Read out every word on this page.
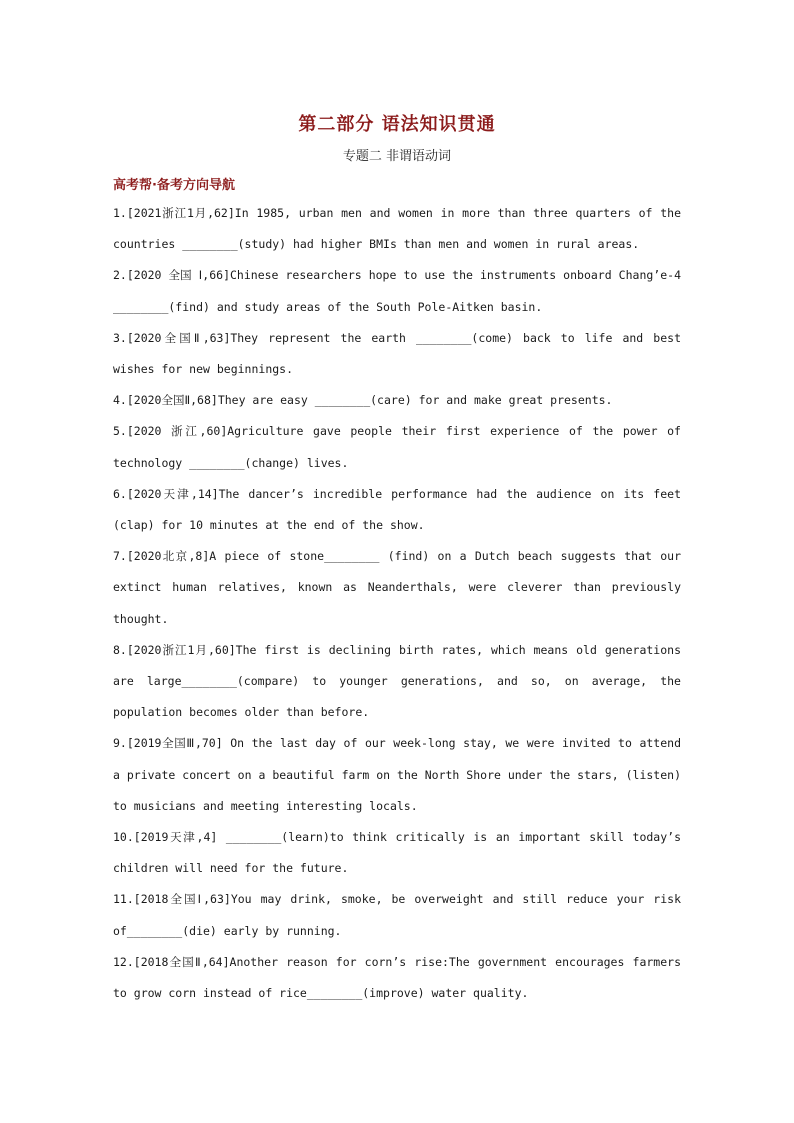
第二部分 语法知识贯通
专题二 非谓语动词
高考帮·备考方向导航

1.[2021浙江1月,62]In 1985, urban men and women in more than three quarters of the countries ________(study) had higher BMIs than men and women in rural areas.

2.[2020 全国 Ⅰ,66]Chinese researchers hope to use the instruments onboard Chang’e-4 ________(find) and study areas of the South Pole-Aitken basin.

3.[2020全国Ⅱ,63]They represent the earth ________(come) back to life and best wishes for new beginnings.

4.[2020全国Ⅱ,68]They are easy ________(care) for and make great presents.

5.[2020 浙江,60]Agriculture gave people their first experience of the power of technology ________(change) lives.

6.[2020天津,14]The dancer’s incredible performance had the audience on its feet (clap) for 10 minutes at the end of the show.

7.[2020北京,8]A piece of stone________ (find) on a Dutch beach suggests that our extinct human relatives, known as Neanderthals, were cleverer than previously thought.

8.[2020浙江1月,60]The first is declining birth rates, which means old generations are large________(compare) to younger generations, and so, on average, the population becomes older than before.

9.[2019全国Ⅲ,70] On the last day of our week-long stay, we were invited to attend a private concert on a beautiful farm on the North Shore under the stars, (listen) to musicians and meeting interesting locals.

10.[2019天津,4] ________(learn)to think critically is an important skill today’s children will need for the future.

11.[2018全国Ⅰ,63]You may drink, smoke, be overweight and still reduce your risk of________(die) early by running.

12.[2018全国Ⅱ,64]Another reason for corn’s rise:The government encourages farmers to grow corn instead of rice________(improve) water quality.
